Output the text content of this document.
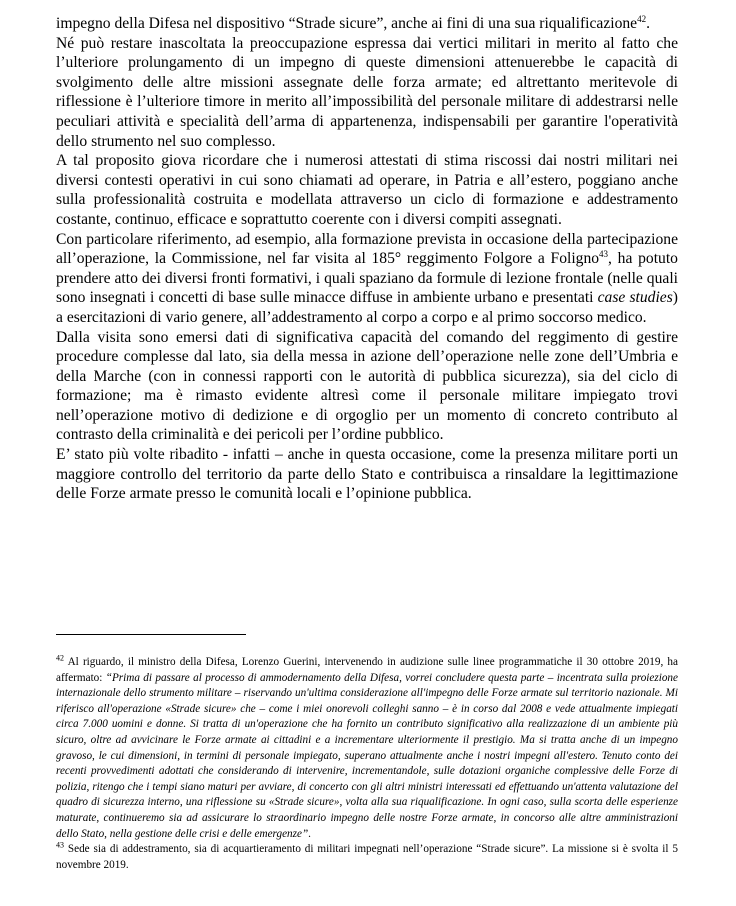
impegno della Difesa nel dispositivo “Strade sicure”, anche ai fini di una sua riqualificazione$^{42}$.

Né può restare inascoltata la preoccupazione espressa dai vertici militari in merito al fatto che l’ulteriore prolungamento di un impegno di queste dimensioni attenuerebbe le capacità di svolgimento delle altre missioni assegnate delle forza armate; ed altrettanto meritevole di riflessione è l’ulteriore timore in merito all’impossibilità del personale militare di addestrarsi nelle peculiari attività e specialità dell’arma di appartenenza, indispensabili per garantire l'operatività dello strumento nel suo complesso.

A tal proposito giova ricordare che i numerosi attestati di stima riscossi dai nostri militari nei diversi contesti operativi in cui sono chiamati ad operare, in Patria e all’estero, poggiano anche sulla professionalità costruita e modellata attraverso un ciclo di formazione e addestramento costante, continuo, efficace e soprattutto coerente con i diversi compiti assegnati.

Con particolare riferimento, ad esempio, alla formazione prevista in occasione della partecipazione all’operazione, la Commissione, nel far visita al 185° reggimento Folgore a Foligno$^{43}$, ha potuto prendere atto dei diversi fronti formativi, i quali spaziano da formule di lezione frontale (nelle quali sono insegnati i concetti di base sulle minacce diffuse in ambiente urbano e presentati case studies) a esercitazioni di vario genere, all’addestramento al corpo a corpo e al primo soccorso medico.

Dalla visita sono emersi dati di significativa capacità del comando del reggimento di gestire procedure complesse dal lato, sia della messa in azione dell’operazione nelle zone dell’Umbria e della Marche (con in connessi rapporti con le autorità di pubblica sicurezza), sia del ciclo di formazione; ma è rimasto evidente altresì come il personale militare impiegato trovi nell’operazione motivo di dedizione e di orgoglio per un momento di concreto contributo al contrasto della criminalità e dei pericoli per l’ordine pubblico.

E’ stato più volte ribadito - infatti – anche in questa occasione, come la presenza militare porti un maggiore controllo del territorio da parte dello Stato e contribuisca a rinsaldare la legittimazione delle Forze armate presso le comunità locali e l’opinione pubblica.

$^{42}$ Al riguardo, il ministro della Difesa, Lorenzo Guerini, intervenendo in audizione sulle linee programmatiche il 30 ottobre 2019, ha affermato: “Prima di passare al processo di ammodernamento della Difesa, vorrei concludere questa parte – incentrata sulla proiezione internazionale dello strumento militare – riservando un'ultima considerazione all'impegno delle Forze armate sul territorio nazionale. Mi riferisco all'operazione «Strade sicure» che – come i miei onorevoli colleghi sanno – è in corso dal 2008 e vede attualmente impiegati circa 7.000 uomini e donne. Si tratta di un'operazione che ha fornito un contributo significativo alla realizzazione di un ambiente più sicuro, oltre ad avvicinare le Forze armate ai cittadini e a incrementare ulteriormente il prestigio. Ma si tratta anche di un impegno gravoso, le cui dimensioni, in termini di personale impiegato, superano attualmente anche i nostri impegni all'estero. Tenuto conto dei recenti provvedimenti adottati che considerando di intervenire, incrementandole, sulle dotazioni organiche complessive delle Forze di polizia, ritengo che i tempi siano maturi per avviare, di concerto con gli altri ministri interessati ed effettuando un'attenta valutazione del quadro di sicurezza interno, una riflessione su «Strade sicure», volta alla sua riqualificazione. In ogni caso, sulla scorta delle esperienze maturate, continueremo sia ad assicurare lo straordinario impegno delle nostre Forze armate, in concorso alle altre amministrazioni dello Stato, nella gestione delle crisi e delle emergenze”.

$^{43}$ Sede sia di addestramento, sia di acquartieramento di militari impegnati nell’operazione “Strade sicure”. La missione si è svolta il 5 novembre 2019.
